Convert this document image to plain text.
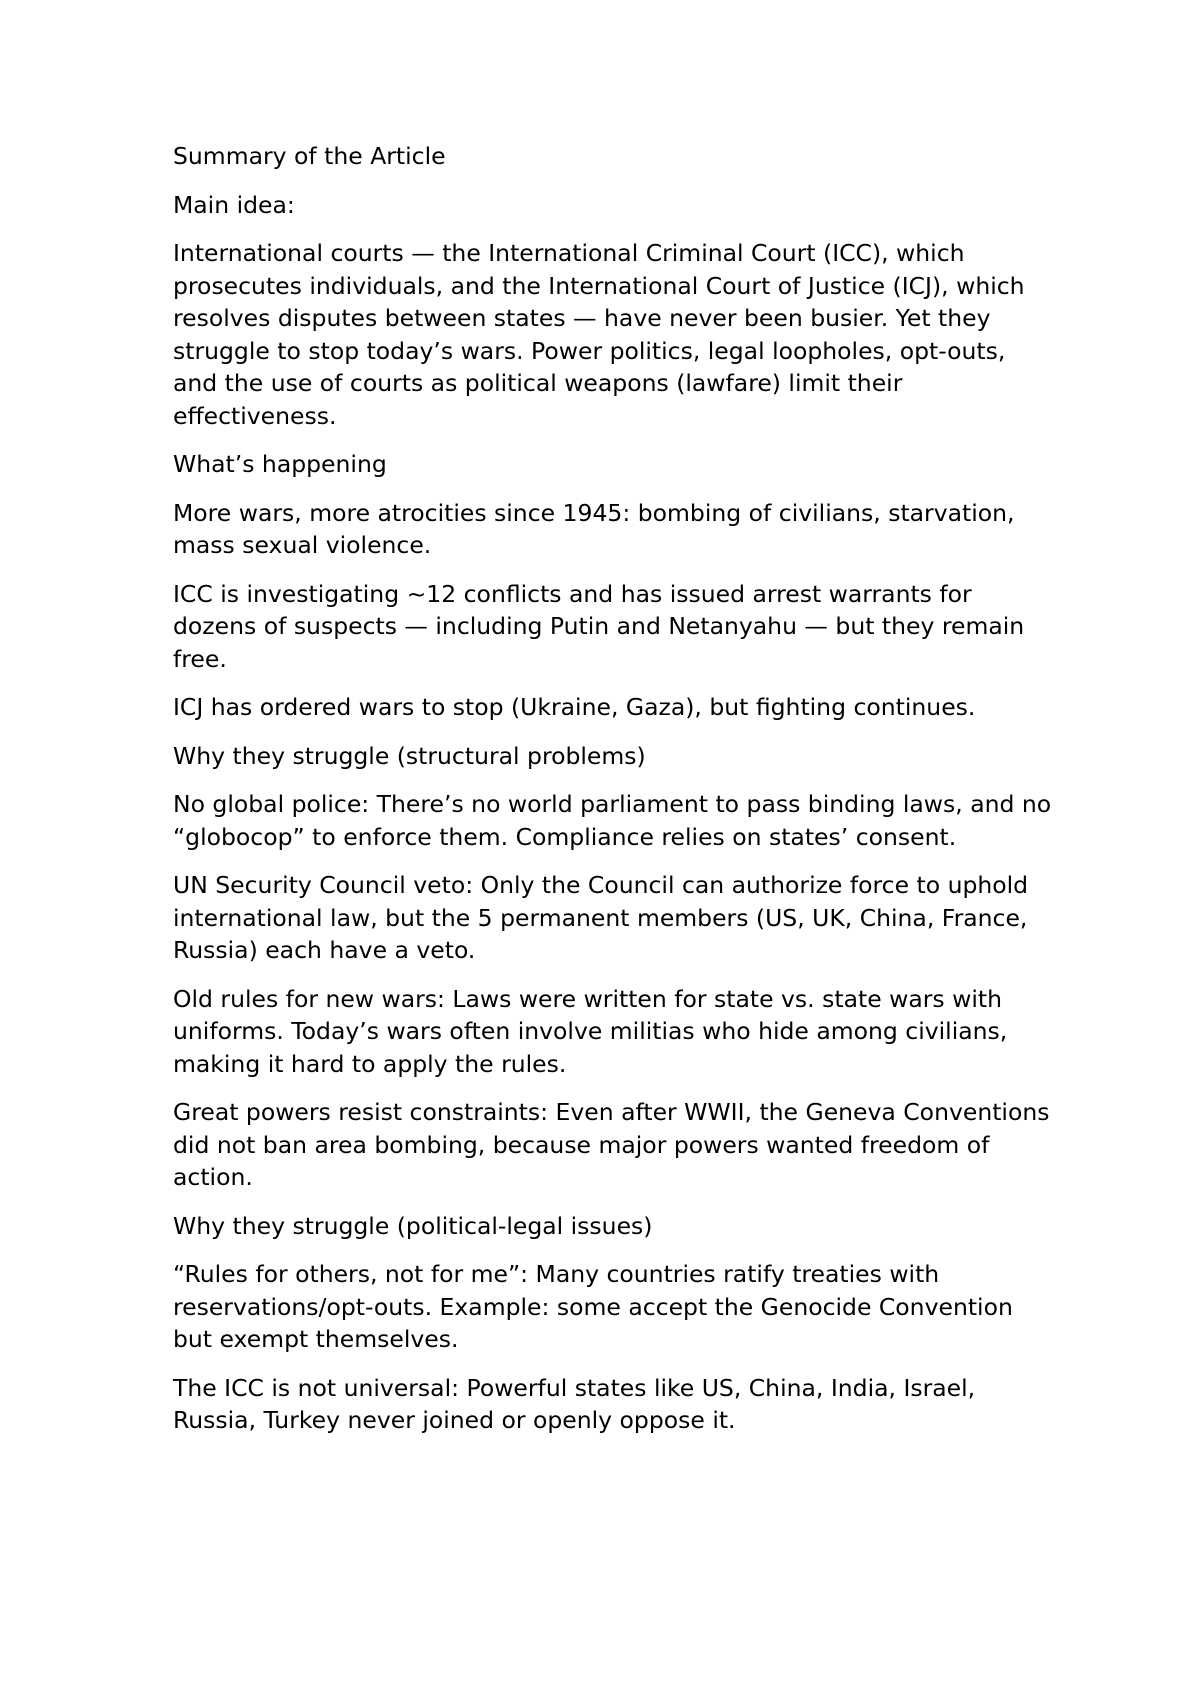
Summary of the Article

Main idea:

International courts — the International Criminal Court (ICC), which prosecutes individuals, and the International Court of Justice (ICJ), which resolves disputes between states — have never been busier. Yet they struggle to stop today’s wars. Power politics, legal loopholes, opt-outs, and the use of courts as political weapons (lawfare) limit their effectiveness.

What’s happening

More wars, more atrocities since 1945: bombing of civilians, starvation, mass sexual violence.

ICC is investigating ~12 conflicts and has issued arrest warrants for dozens of suspects — including Putin and Netanyahu — but they remain free.

ICJ has ordered wars to stop (Ukraine, Gaza), but fighting continues.

Why they struggle (structural problems)

No global police: There’s no world parliament to pass binding laws, and no “globocop” to enforce them. Compliance relies on states’ consent.

UN Security Council veto: Only the Council can authorize force to uphold international law, but the 5 permanent members (US, UK, China, France, Russia) each have a veto.

Old rules for new wars: Laws were written for state vs. state wars with uniforms. Today’s wars often involve militias who hide among civilians, making it hard to apply the rules.

Great powers resist constraints: Even after WWII, the Geneva Conventions did not ban area bombing, because major powers wanted freedom of action.

Why they struggle (political-legal issues)

“Rules for others, not for me”: Many countries ratify treaties with reservations/opt-outs. Example: some accept the Genocide Convention but exempt themselves.

The ICC is not universal: Powerful states like US, China, India, Israel, Russia, Turkey never joined or openly oppose it.
